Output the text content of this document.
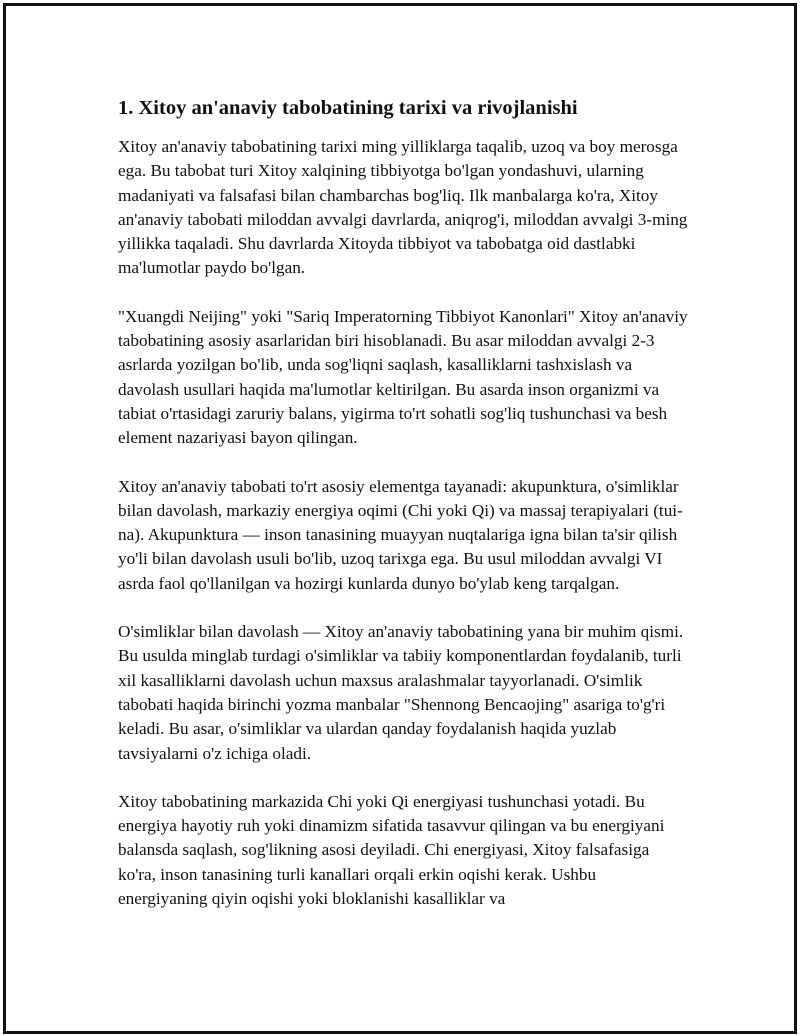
1. Xitoy an'anaviy tabobatining tarixi va rivojlanishi

Xitoy an'anaviy tabobatining tarixi ming yilliklarga taqalib, uzoq va boy merosga ega. Bu tabobat turi Xitoy xalqining tibbiyotga bo'lgan yondashuvi, ularning madaniyati va falsafasi bilan chambarchas bog'liq. Ilk manbalarga ko'ra, Xitoy an'anaviy tabobati miloddan avvalgi davrlarda, aniqrog'i, miloddan avvalgi 3-ming yillikka taqaladi. Shu davrlarda Xitoyda tibbiyot va tabobatga oid dastlabki ma'lumotlar paydo bo'lgan.

"Xuangdi Neijing" yoki "Sariq Imperatorning Tibbiyot Kanonlari" Xitoy an'anaviy tabobatining asosiy asarlaridan biri hisoblanadi. Bu asar miloddan avvalgi 2-3 asrlarda yozilgan bo'lib, unda sog'liqni saqlash, kasalliklarni tashxislash va davolash usullari haqida ma'lumotlar keltirilgan. Bu asarda inson organizmi va tabiat o'rtasidagi zaruriy balans, yigirma to'rt sohatli sog'liq tushunchasi va besh element nazariyasi bayon qilingan.

Xitoy an'anaviy tabobati to'rt asosiy elementga tayanadi: akupunktura, o'simliklar bilan davolash, markaziy energiya oqimi (Chi yoki Qi) va massaj terapiyalari (tui-na). Akupunktura — inson tanasining muayyan nuqtalariga igna bilan ta'sir qilish yo'li bilan davolash usuli bo'lib, uzoq tarixga ega. Bu usul miloddan avvalgi VI asrda faol qo'llanilgan va hozirgi kunlarda dunyo bo'ylab keng tarqalgan.

O'simliklar bilan davolash — Xitoy an'anaviy tabobatining yana bir muhim qismi. Bu usulda minglab turdagi o'simliklar va tabiiy komponentlardan foydalanib, turli xil kasalliklarni davolash uchun maxsus aralashmalar tayyorlanadi. O'simlik tabobati haqida birinchi yozma manbalar "Shennong Bencaojing" asariga to'g'ri keladi. Bu asar, o'simliklar va ulardan qanday foydalanish haqida yuzlab tavsiyalarni o'z ichiga oladi.

Xitoy tabobatining markazida Chi yoki Qi energiyasi tushunchasi yotadi. Bu energiya hayotiy ruh yoki dinamizm sifatida tasavvur qilingan va bu energiyani balansda saqlash, sog'likning asosi deyiladi. Chi energiyasi, Xitoy falsafasiga ko'ra, inson tanasining turli kanallari orqali erkin oqishi kerak. Ushbu energiyaning qiyin oqishi yoki bloklanishi kasalliklar va
